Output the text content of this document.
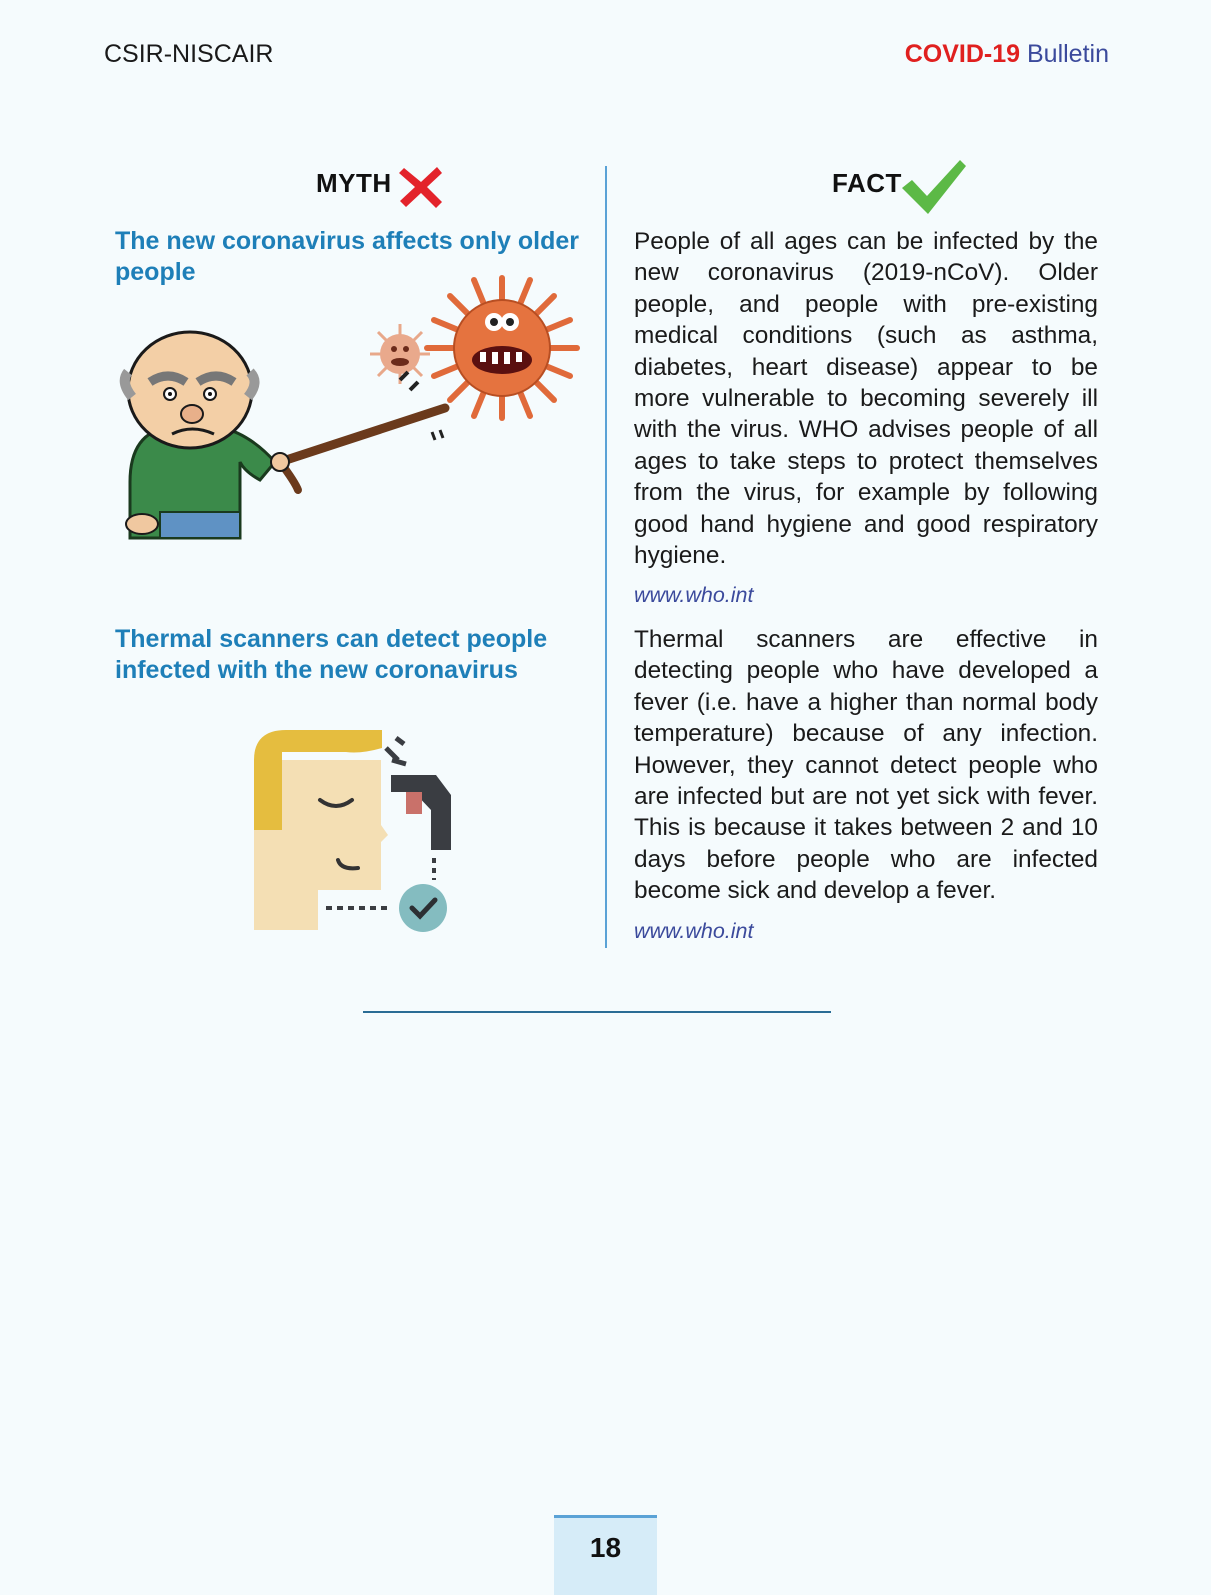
CSIR-NISCAIR	COVID-19 Bulletin
MYTH	FACT
The new coronavirus affects only older people
People of all ages can be infected by the new coronavirus (2019-nCoV). Older people, and people with pre-existing medical conditions (such as asthma, diabetes, heart disease) appear to be more vulnerable to becoming severely ill with the virus. WHO advises people of all ages to take steps to protect themselves from the virus, for example by following good hand hygiene and good respiratory hygiene.
www.who.int
Thermal scanners can detect people infected with the new coronavirus
Thermal scanners are effective in detecting people who have developed a fever (i.e. have a higher than normal body temperature) because of any infection. However, they cannot detect people who are infected but are not yet sick with fever. This is because it takes between 2 and 10 days before people who are infected become sick and develop a fever.
www.who.int
18
